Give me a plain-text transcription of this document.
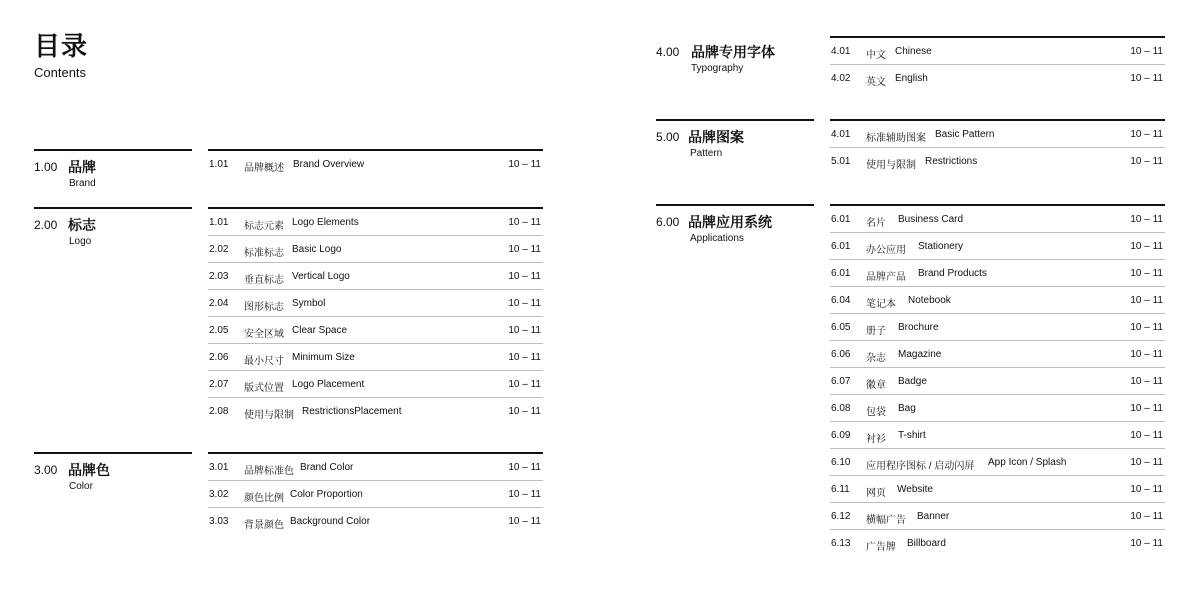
目录
Contents
1.00 品牌
Brand
1.01 品牌概述 Brand Overview	10 – 11
2.00 标志
Logo
1.01 标志元素 Logo Elements	10 – 11
2.02 标准标志 Basic Logo	10 – 11
2.03 垂直标志 Vertical Logo	10 – 11
2.04 图形标志 Symbol	10 – 11
2.05 安全区域 Clear Space	10 – 11
2.06 最小尺寸 Minimum Size	10 – 11
2.07 版式位置 Logo Placement	10 – 11
2.08 使用与限制 RestrictionsPlacement	10 – 11
3.00 品牌色
Color
3.01 品牌标准色 Brand Color	10 – 11
3.02 颜色比例 Color Proportion	10 – 11
3.03 背景颜色 Background Color	10 – 11
4.00 品牌专用字体
Typography
4.01 中文 Chinese	10 – 11
4.02 英文 English	10 – 11
5.00 品牌图案
Pattern
4.01 标准辅助图案 Basic Pattern	10 – 11
5.01 使用与限制 Restrictions	10 – 11
6.00 品牌应用系统
Applications
6.01 名片 Business Card	10 – 11
6.01 办公应用 Stationery	10 – 11
6.01 品牌产品 Brand Products	10 – 11
6.04 笔记本 Notebook	10 – 11
6.05 册子 Brochure	10 – 11
6.06 杂志 Magazine	10 – 11
6.07 徽章 Badge	10 – 11
6.08 包袋 Bag	10 – 11
6.09 衬衫 T-shirt	10 – 11
6.10 应用程序图标 / 启动闪屏 App Icon / Splash	10 – 11
6.11 网页 Website	10 – 11
6.12 横幅广告 Banner	10 – 11
6.13 广告牌 Billboard	10 – 11
